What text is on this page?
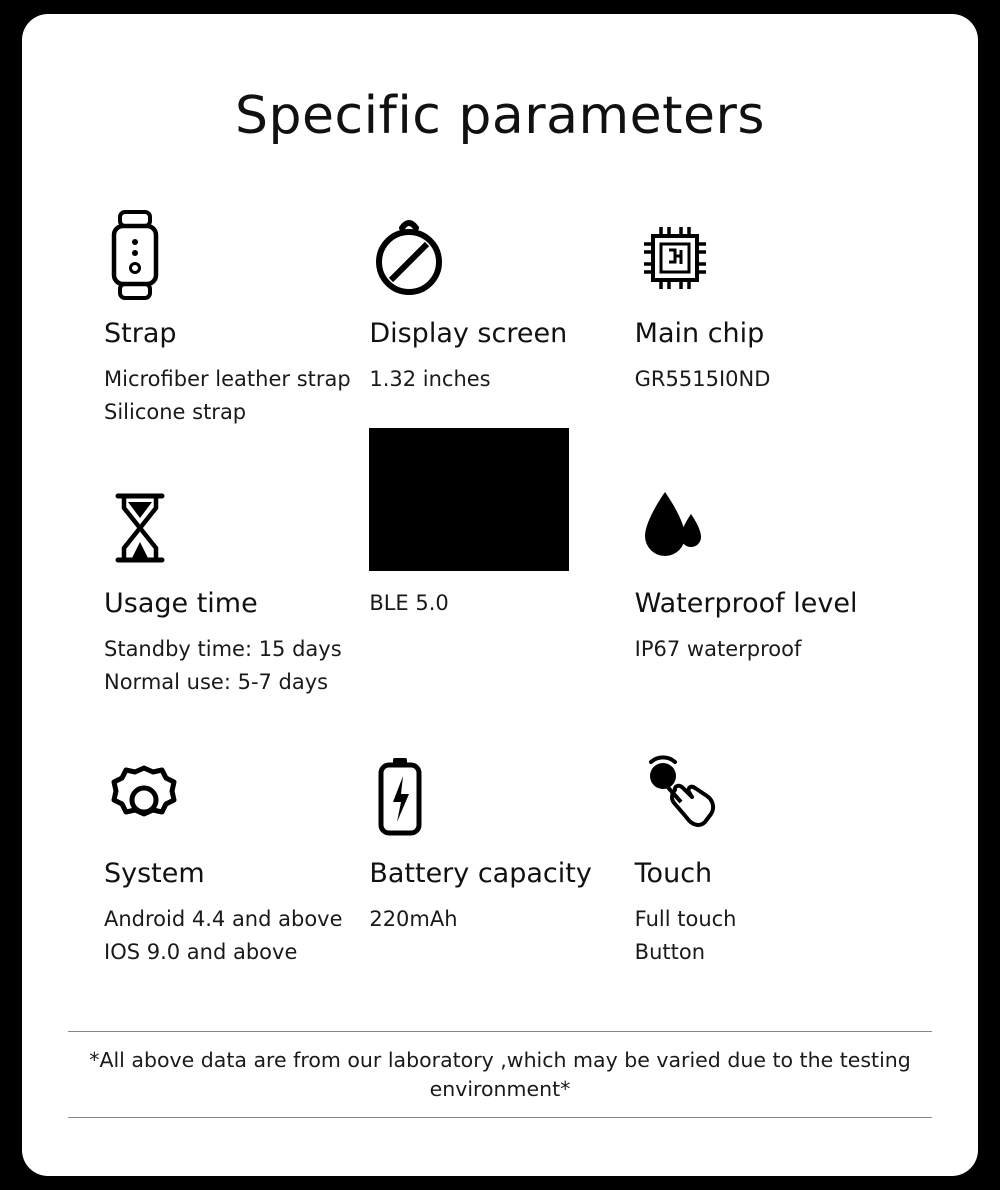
Specific parameters
Strap
Microfiber leather strap
Silicone strap
Display screen
1.32 inches
Main chip
GR5515I0ND
Usage time
Standby time: 15 days
Normal use: 5-7 days
BLE 5.0	Waterproof level
IP67 waterproof
System
Android 4.4 and above
IOS 9.0 and above
Battery capacity
220mAh
Touch
Full touch
Button
*All above data are from our laboratory ,which may be varied due to the testing environment*
